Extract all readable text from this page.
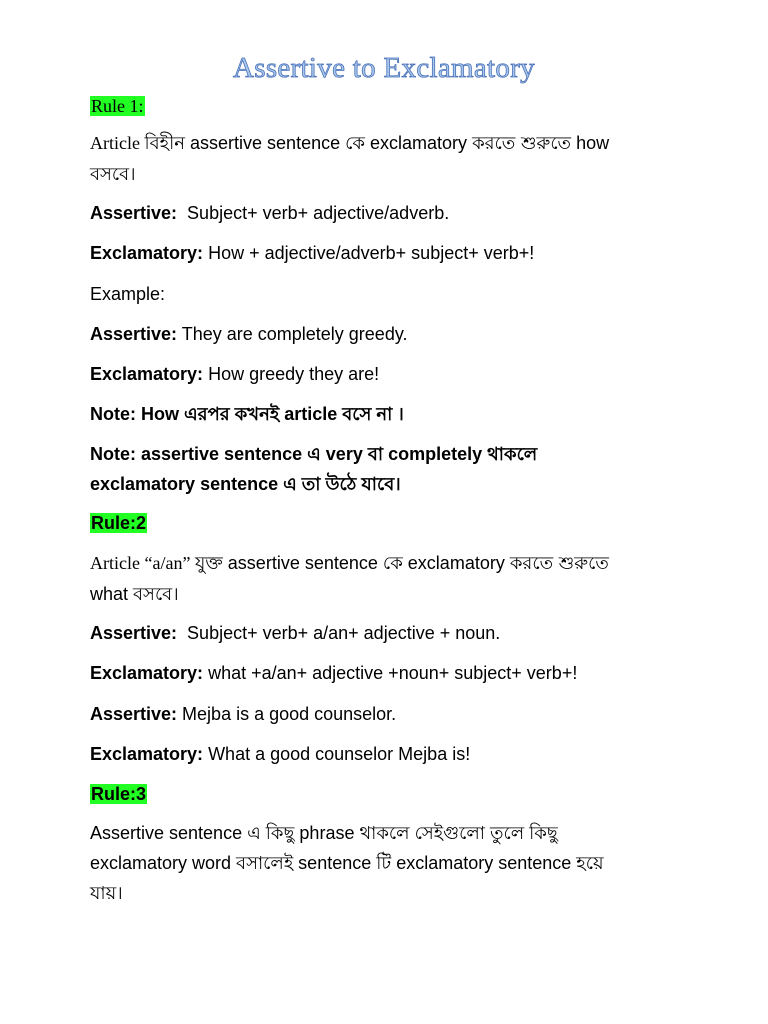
Assertive to Exclamatory
Rule 1:
Article বিহীন assertive sentence কে exclamatory করতে শুরুতে how
বসবে।
Assertive:  Subject+ verb+ adjective/adverb.
Exclamatory: How + adjective/adverb+ subject+ verb+!
Example:
Assertive: They are completely greedy.
Exclamatory: How greedy they are!
Note: How এরপর কখনই article বসে না ।
Note: assertive sentence এ very বা completely থাকলে
exclamatory sentence এ তা উঠে যাবে।
Rule:2
Article “a/an” যুক্ত assertive sentence কে exclamatory করতে শুরুতে
what বসবে।
Assertive:  Subject+ verb+ a/an+ adjective + noun.
Exclamatory: what +a/an+ adjective +noun+ subject+ verb+!
Assertive: Mejba is a good counselor.
Exclamatory: What a good counselor Mejba is!
Rule:3
Assertive sentence এ কিছু phrase থাকলে সেইগুলো তুলে কিছু
exclamatory word বসালেই sentence টি exclamatory sentence হয়ে
যায়।
